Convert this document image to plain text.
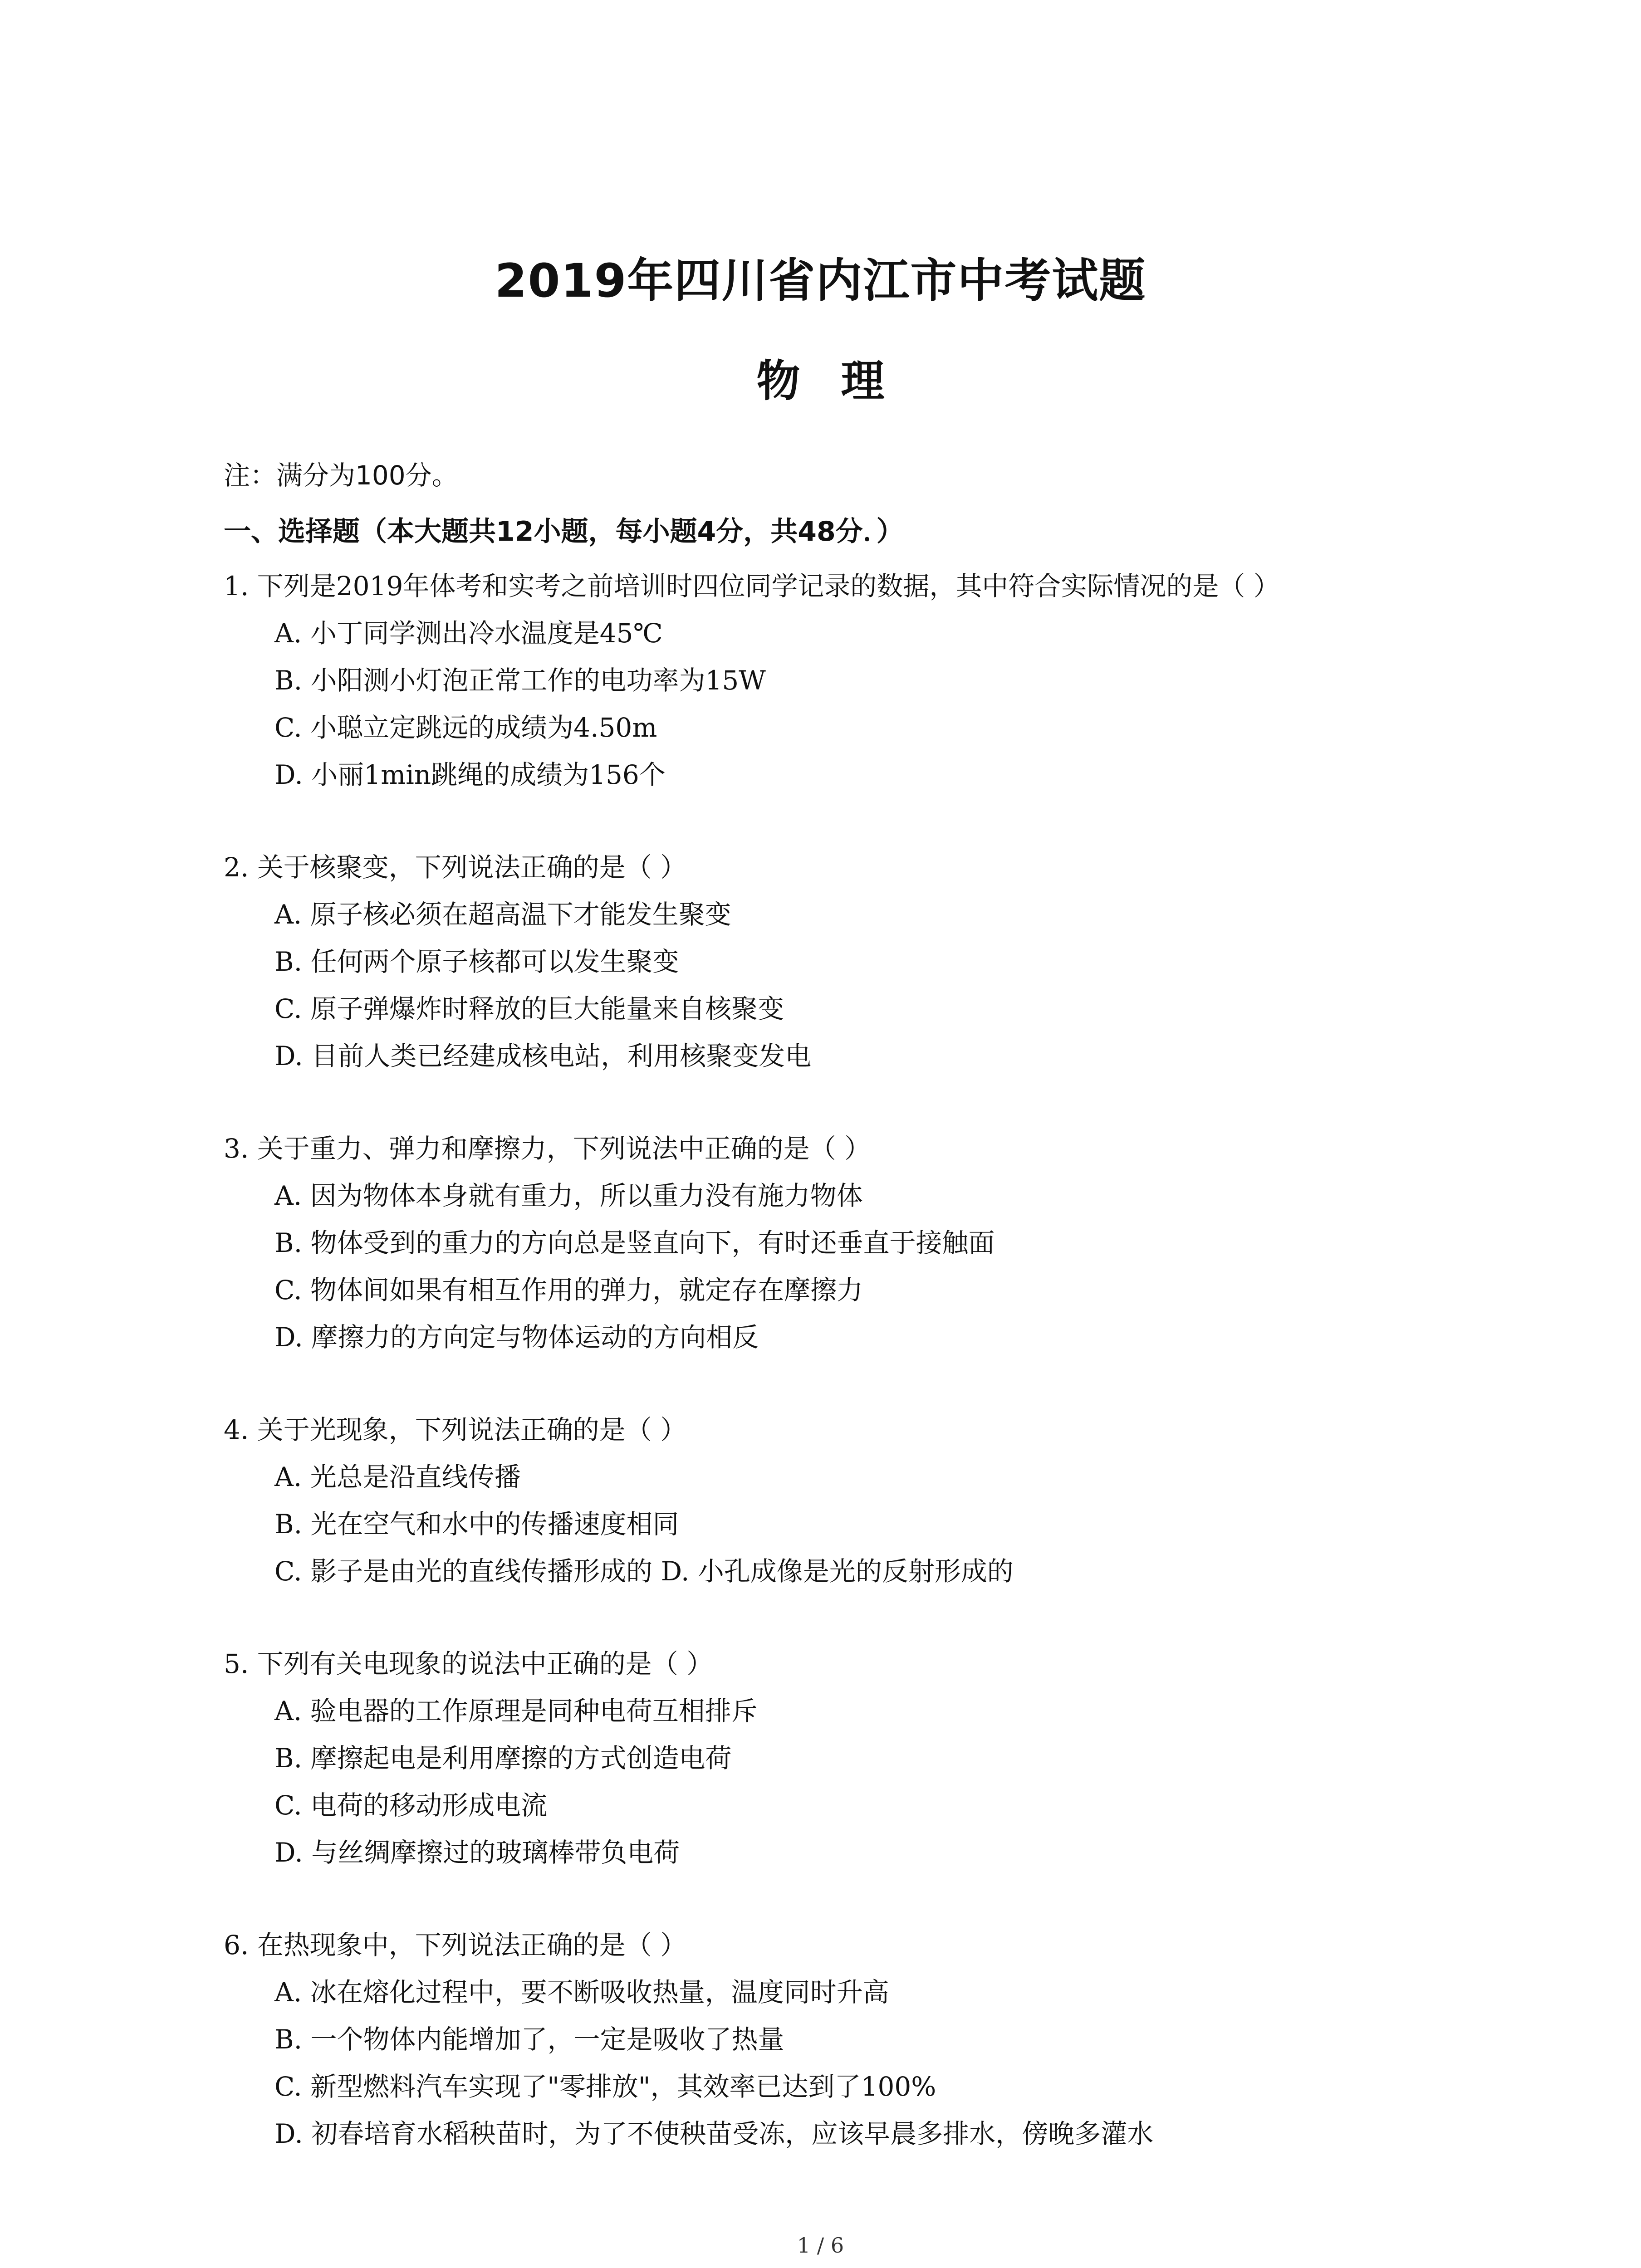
2019年四川省内江市中考试题
物理
注：满分为100分。
一、选择题（本大题共12小题，每小题4分，共48分．）
1. 下列是2019年体考和实考之前培训时四位同学记录的数据，其中符合实际情况的是（ ）
A. 小丁同学测出冷水温度是45℃
B. 小阳测小灯泡正常工作的电功率为15W
C. 小聪立定跳远的成绩为4.50m
D. 小丽1min跳绳的成绩为156个
2. 关于核聚变，下列说法正确的是（ ）
A. 原子核必须在超高温下才能发生聚变
B. 任何两个原子核都可以发生聚变
C. 原子弹爆炸时释放的巨大能量来自核聚变
D. 目前人类已经建成核电站，利用核聚变发电
3. 关于重力、弹力和摩擦力，下列说法中正确的是（ ）
A. 因为物体本身就有重力，所以重力没有施力物体
B. 物体受到的重力的方向总是竖直向下，有时还垂直于接触面
C. 物体间如果有相互作用的弹力，就定存在摩擦力
D. 摩擦力的方向定与物体运动的方向相反
4. 关于光现象，下列说法正确的是（ ）
A. 光总是沿直线传播
B. 光在空气和水中的传播速度相同
C. 影子是由光的直线传播形成的 D. 小孔成像是光的反射形成的
5. 下列有关电现象的说法中正确的是（ ）
A. 验电器的工作原理是同种电荷互相排斥
B. 摩擦起电是利用摩擦的方式创造电荷
C. 电荷的移动形成电流
D. 与丝绸摩擦过的玻璃棒带负电荷
6. 在热现象中，下列说法正确的是（ ）
A. 冰在熔化过程中，要不断吸收热量，温度同时升高
B. 一个物体内能增加了，一定是吸收了热量
C. 新型燃料汽车实现了"零排放"，其效率已达到了100%
D. 初春培育水稻秧苗时，为了不使秧苗受冻，应该早晨多排水，傍晚多灌水
1 / 6
